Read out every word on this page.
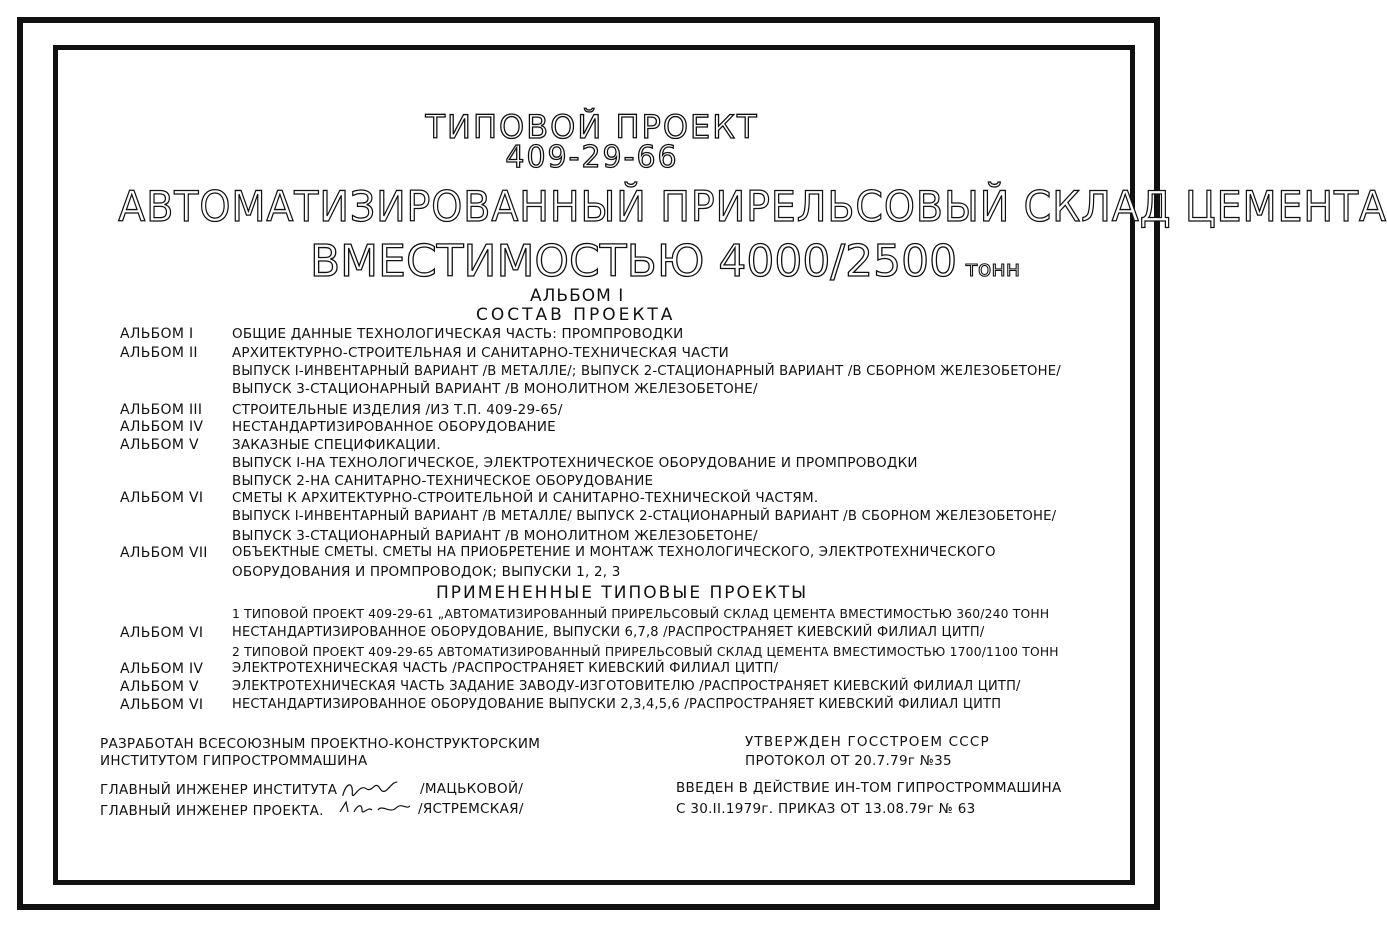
ТИПОВОЙ ПРОЕКТ
409-29-66
АВТОМАТИЗИРОВАННЫЙ ПРИРЕЛЬСОВЫЙ СКЛАД ЦЕМЕНТА
ВМЕСТИМОСТЬЮ 4000/2500 тонн
АЛЬБОМ I
СОСТАВ ПРОЕКТА
АЛЬБОМ I	ОБЩИЕ ДАННЫЕ ТЕХНОЛОГИЧЕСКАЯ ЧАСТЬ: ПРОМПРОВОДКИ
АЛЬБОМ II	АРХИТЕКТУРНО-СТРОИТЕЛЬНАЯ И САНИТАРНО-ТЕХНИЧЕСКАЯ ЧАСТИ
ВЫПУСК I-ИНВЕНТАРНЫЙ ВАРИАНТ /В МЕТАЛЛЕ/; ВЫПУСК 2-СТАЦИОНАРНЫЙ ВАРИАНТ /В СБОРНОМ ЖЕЛЕЗОБЕТОНЕ/
ВЫПУСК 3-СТАЦИОНАРНЫЙ ВАРИАНТ /В МОНОЛИТНОМ ЖЕЛЕЗОБЕТОНЕ/
АЛЬБОМ III СТРОИТЕЛЬНЫЕ ИЗДЕЛИЯ /ИЗ Т.П. 409-29-65/
АЛЬБОМ IV НЕСТАНДАРТИЗИРОВАННОЕ ОБОРУДОВАНИЕ
АЛЬБОМ V ЗАКАЗНЫЕ СПЕЦИФИКАЦИИ.
ВЫПУСК I-НА ТЕХНОЛОГИЧЕСКОЕ, ЭЛЕКТРОТЕХНИЧЕСКОЕ ОБОРУДОВАНИЕ И ПРОМПРОВОДКИ
ВЫПУСК 2-НА САНИТАРНО-ТЕХНИЧЕСКОЕ ОБОРУДОВАНИЕ
АЛЬБОМ VI СМЕТЫ К АРХИТЕКТУРНО-СТРОИТЕЛЬНОЙ И САНИТАРНО-ТЕХНИЧЕСКОЙ ЧАСТЯМ.
ВЫПУСК I-ИНВЕНТАРНЫЙ ВАРИАНТ /В МЕТАЛЛЕ/ ВЫПУСК 2-СТАЦИОНАРНЫЙ ВАРИАНТ /В СБОРНОМ ЖЕЛЕЗОБЕТОНЕ/
ВЫПУСК 3-СТАЦИОНАРНЫЙ ВАРИАНТ /В МОНОЛИТНОМ ЖЕЛЕЗОБЕТОНЕ/
АЛЬБОМ VII ОБЪЕКТНЫЕ СМЕТЫ. СМЕТЫ НА ПРИОБРЕТЕНИЕ И МОНТАЖ ТЕХНОЛОГИЧЕСКОГО, ЭЛЕКТРОТЕХНИЧЕСКОГО
ОБОРУДОВАНИЯ И ПРОМПРОВОДОК; ВЫПУСКИ 1, 2, 3
ПРИМЕНЕННЫЕ ТИПОВЫЕ ПРОЕКТЫ
1 ТИПОВОЙ ПРОЕКТ 409-29-61 „АВТОМАТИЗИРОВАННЫЙ ПРИРЕЛЬСОВЫЙ СКЛАД ЦЕМЕНТА ВМЕСТИМОСТЬЮ 360/240 ТОНН
АЛЬБОМ VI НЕСТАНДАРТИЗИРОВАННОЕ ОБОРУДОВАНИЕ, ВЫПУСКИ 6,7,8 /РАСПРОСТРАНЯЕТ КИЕВСКИЙ ФИЛИАЛ ЦИТП/
2 ТИПОВОЙ ПРОЕКТ 409-29-65 АВТОМАТИЗИРОВАННЫЙ ПРИРЕЛЬСОВЫЙ СКЛАД ЦЕМЕНТА ВМЕСТИМОСТЬЮ 1700/1100 ТОНН
АЛЬБОМ IV ЭЛЕКТРОТЕХНИЧЕСКАЯ ЧАСТЬ /РАСПРОСТРАНЯЕТ КИЕВСКИЙ ФИЛИАЛ ЦИТП/
АЛЬБОМ V	ЭЛЕКТРОТЕХНИЧЕСКАЯ ЧАСТЬ ЗАДАНИЕ ЗАВОДУ-ИЗГОТОВИТЕЛЮ /РАСПРОСТРАНЯЕТ КИЕВСКИЙ ФИЛИАЛ ЦИТП/
АЛЬБОМ VI НЕСТАНДАРТИЗИРОВАННОЕ ОБОРУДОВАНИЕ ВЫПУСКИ 2,3,4,5,6 /РАСПРОСТРАНЯЕТ КИЕВСКИЙ ФИЛИАЛ ЦИТП
РАЗРАБОТАН ВСЕСОЮЗНЫМ ПРОЕКТНО-КОНСТРУКТОРСКИМ
ИНСТИТУТОМ ГИПРОСТРОММАШИНА
ГЛАВНЫЙ ИНЖЕНЕР ИНСТИТУТА	/МАЦЬКОВОЙ/
ГЛАВНЫЙ ИНЖЕНЕР ПРОЕКТА.	/ЯСТРЕМСКАЯ/
УТВЕРЖДЕН ГОССТРОЕМ СССР
ПРОТОКОЛ ОТ 20.7.79г №35
ВВЕДЕН В ДЕЙСТВИЕ ИН-ТОМ ГИПРОСТРОММАШИНА
С 30.II.1979г. ПРИКАЗ ОТ 13.08.79г № 63
